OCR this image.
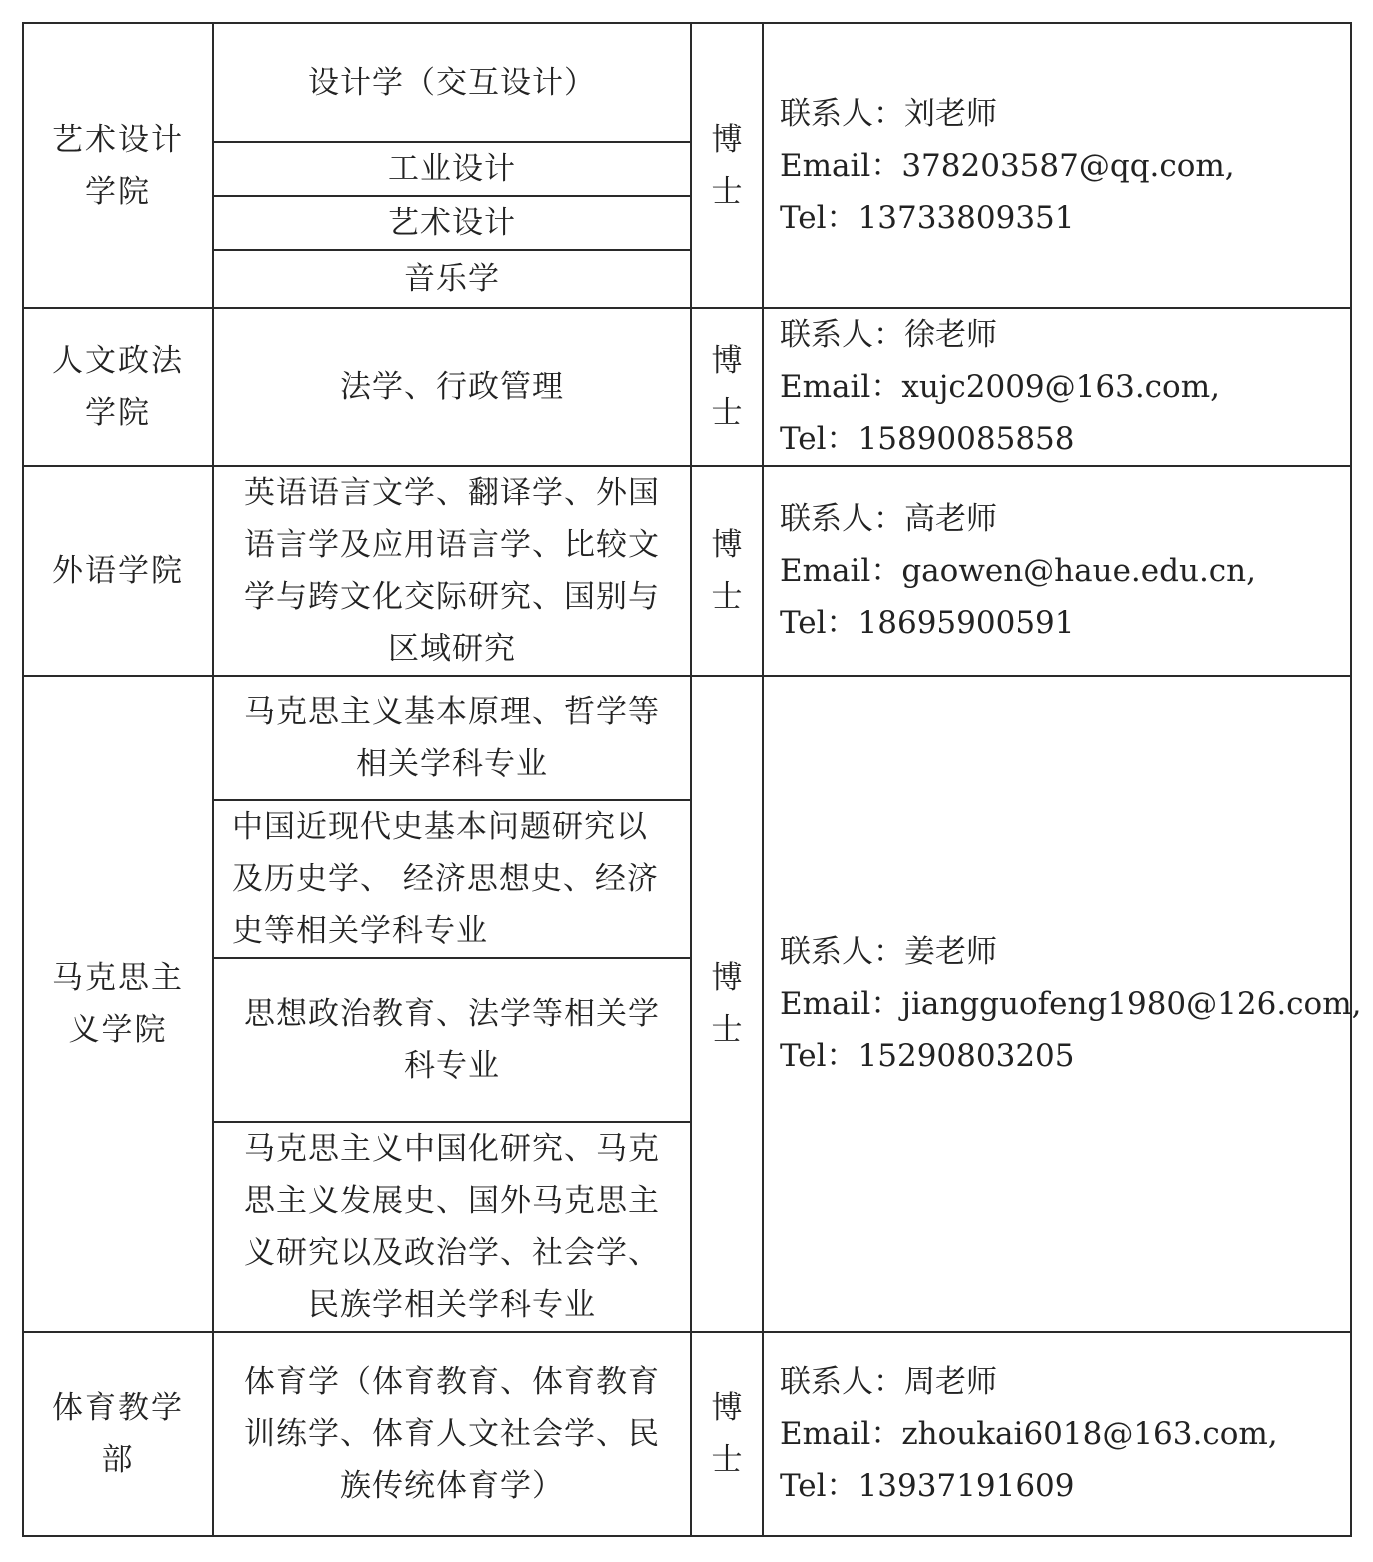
艺术设计学院	设计学（交互设计）	博士	联系人：刘老师
Email：378203587@qq.com,
Tel：13733809351

	工业设计		
	艺术设计		
	音乐学		
人文政法学院	法学、行政管理	博士	联系人：徐老师
Email：xujc2009@163.com,
Tel：15890085858

外语学院	英语语言文学、翻译学、外国语言学及应用语言学、比较文学与跨文化交际研究、国别与区域研究	博士	联系人：高老师
Email：gaowen@haue.edu.cn,
Tel：18695900591

马克思主义学院	马克思主义基本原理、哲学等相关学科专业	博士	联系人：姜老师
Email：jiangguofeng1980@126.com,
Tel：15290803205

	中国近现代史基本问题研究以及历史学、 经济思想史、经济史等相关学科专业		
	思想政治教育、法学等相关学科专业		
	马克思主义中国化研究、马克思主义发展史、国外马克思主义研究以及政治学、社会学、民族学相关学科专业		
体育教学部	体育学（体育教育、体育教育训练学、体育人文社会学、民族传统体育学）	博士	联系人：周老师
Email：zhoukai6018@163.com,
Tel：13937191609
